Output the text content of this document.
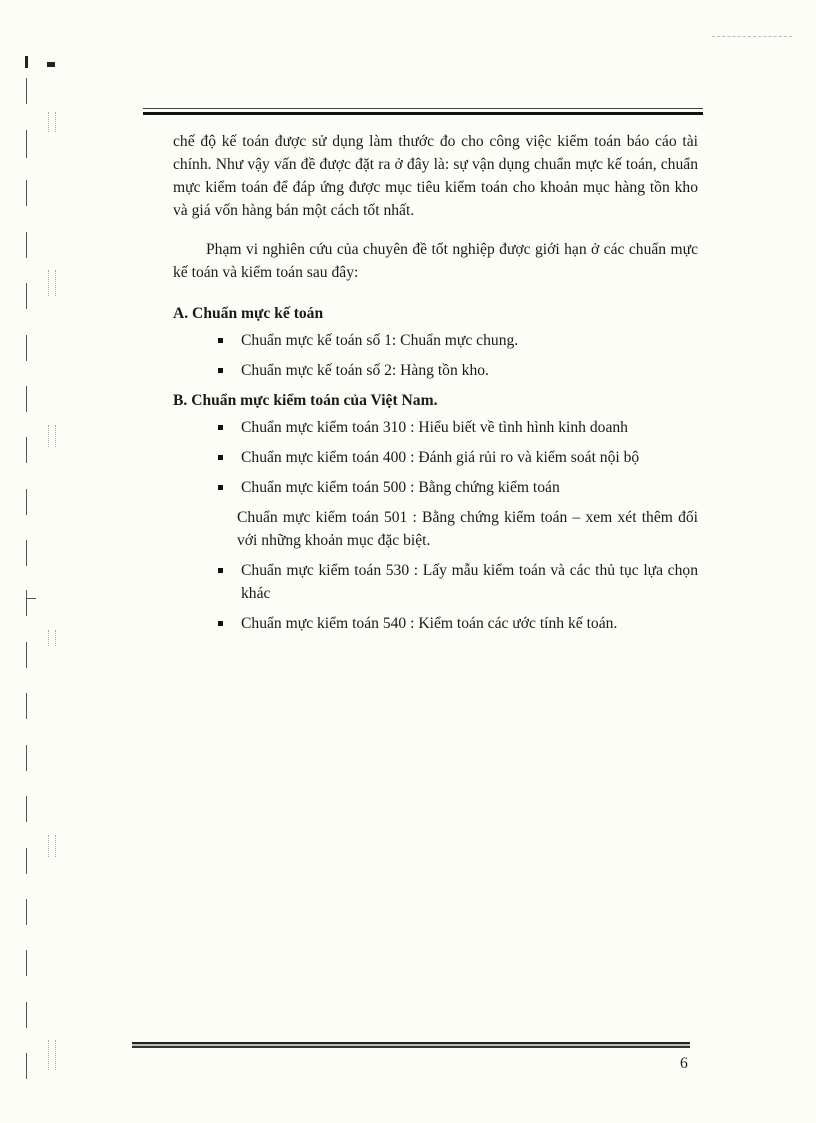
chế độ kế toán được sử dụng làm thước đo cho công việc kiểm toán báo cáo tài chính. Như vậy vấn đề được đặt ra ở đây là: sự vận dụng chuẩn mực kế toán, chuẩn mực kiểm toán để đáp ứng được mục tiêu kiểm toán cho khoản mục hàng tồn kho và giá vốn hàng bán một cách tốt nhất.

Phạm vi nghiên cứu của chuyên đề tốt nghiệp được giới hạn ở các chuẩn mực kế toán và kiểm toán sau đây:

A. Chuẩn mực kế toán
Chuẩn mực kế toán số 1: Chuẩn mực chung.
Chuẩn mực kế toán số 2: Hàng tồn kho.
B. Chuẩn mực kiểm toán của Việt Nam.
Chuẩn mực kiểm toán 310 : Hiểu biết về tình hình kinh doanh
Chuẩn mực kiểm toán 400 : Đánh giá rủi ro và kiểm soát nội bộ
Chuẩn mực kiểm toán 500 : Bằng chứng kiểm toán
Chuẩn mực kiểm toán 501 : Bằng chứng kiểm toán – xem xét thêm đối với những khoản mục đặc biệt.
Chuẩn mực kiểm toán 530 : Lấy mẫu kiểm toán và các thủ tục lựa chọn khác
Chuẩn mực kiểm toán 540 : Kiểm toán các ước tính kế toán.
6
